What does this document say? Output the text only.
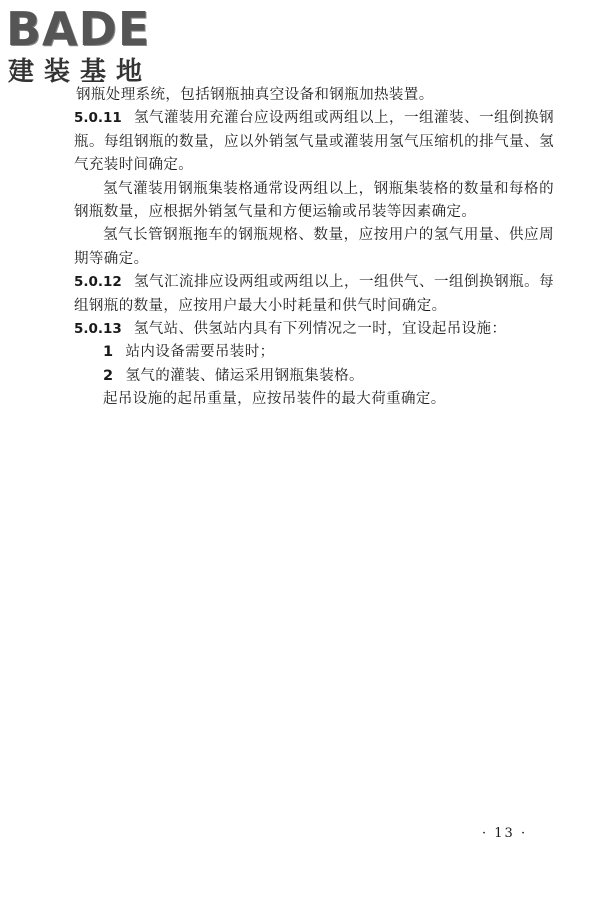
BADE
建装基地

钢瓶处理系统，包括钢瓶抽真空设备和钢瓶加热装置。

5.0.11 氢气灌装用充灌台应设两组或两组以上，一组灌装、一组倒换钢瓶。每组钢瓶的数量，应以外销氢气量或灌装用氢气压缩机的排气量、氢气充装时间确定。

氢气灌装用钢瓶集装格通常设两组以上，钢瓶集装格的数量和每格的钢瓶数量，应根据外销氢气量和方便运输或吊装等因素确定。

氢气长管钢瓶拖车的钢瓶规格、数量，应按用户的氢气用量、供应周期等确定。

5.0.12 氢气汇流排应设两组或两组以上，一组供气、一组倒换钢瓶。每组钢瓶的数量，应按用户最大小时耗量和供气时间确定。

5.0.13 氢气站、供氢站内具有下列情况之一时，宜设起吊设施：

1 站内设备需要吊装时；

2 氢气的灌装、储运采用钢瓶集装格。

起吊设施的起吊重量，应按吊装件的最大荷重确定。

· 13 ·
